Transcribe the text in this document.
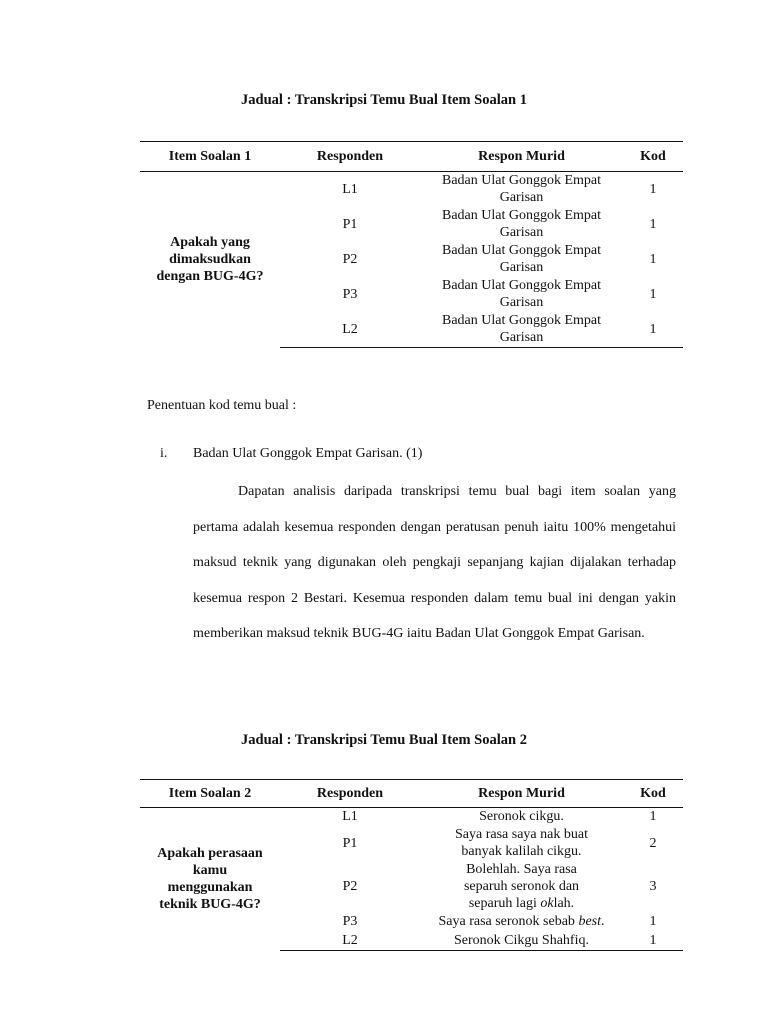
Jadual : Transkripsi Temu Bual Item Soalan 1
Item Soalan 1	Responden	Respon Murid	Kod
Apakah yang dimaksudkan dengan BUG-4G?	L1	Badan Ulat Gonggok Empat Garisan	1
	P1	Badan Ulat Gonggok Empat Garisan	1
	P2	Badan Ulat Gonggok Empat Garisan	1
	P3	Badan Ulat Gonggok Empat Garisan	1
	L2	Badan Ulat Gonggok Empat Garisan	1
Penentuan kod temu bual :
i. Badan Ulat Gonggok Empat Garisan. (1)
Dapatan analisis daripada transkripsi temu bual bagi item soalan yang pertama adalah kesemua responden dengan peratusan penuh iaitu 100% mengetahui maksud teknik yang digunakan oleh pengkaji sepanjang kajian dijalakan terhadap kesemua respon 2 Bestari. Kesemua responden dalam temu bual ini dengan yakin memberikan maksud teknik BUG-4G iaitu Badan Ulat Gonggok Empat Garisan.
Jadual : Transkripsi Temu Bual Item Soalan 2
Item Soalan 2	Responden	Respon Murid	Kod
Apakah perasaan kamu menggunakan teknik BUG-4G?	L1	Seronok cikgu.	1
	P1	Saya rasa saya nak buat banyak kalilah cikgu.	2
	P2	Bolehlah. Saya rasa separuh seronok dan separuh lagi oklah.	3
	P3	Saya rasa seronok sebab best.	1
	L2	Seronok Cikgu Shahfiq.	1
